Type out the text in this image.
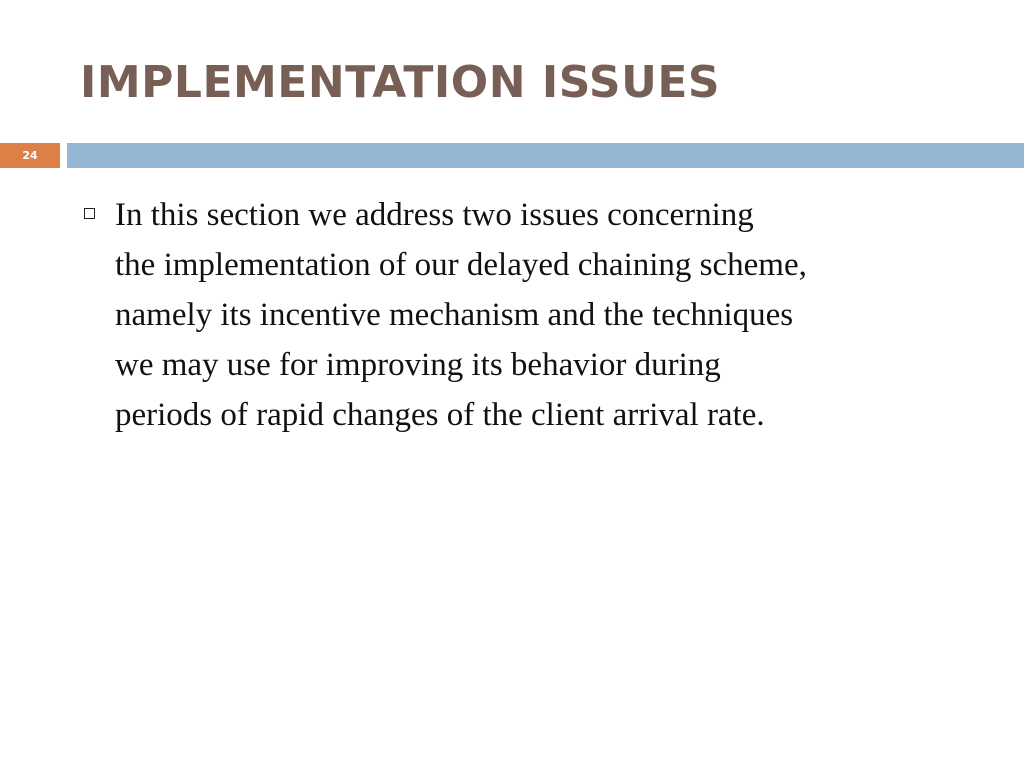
IMPLEMENTATION ISSUES
24
In this section we address two issues concerning
the implementation of our delayed chaining scheme,
namely its incentive mechanism and the techniques
we may use for improving its behavior during
periods of rapid changes of the client arrival rate.
